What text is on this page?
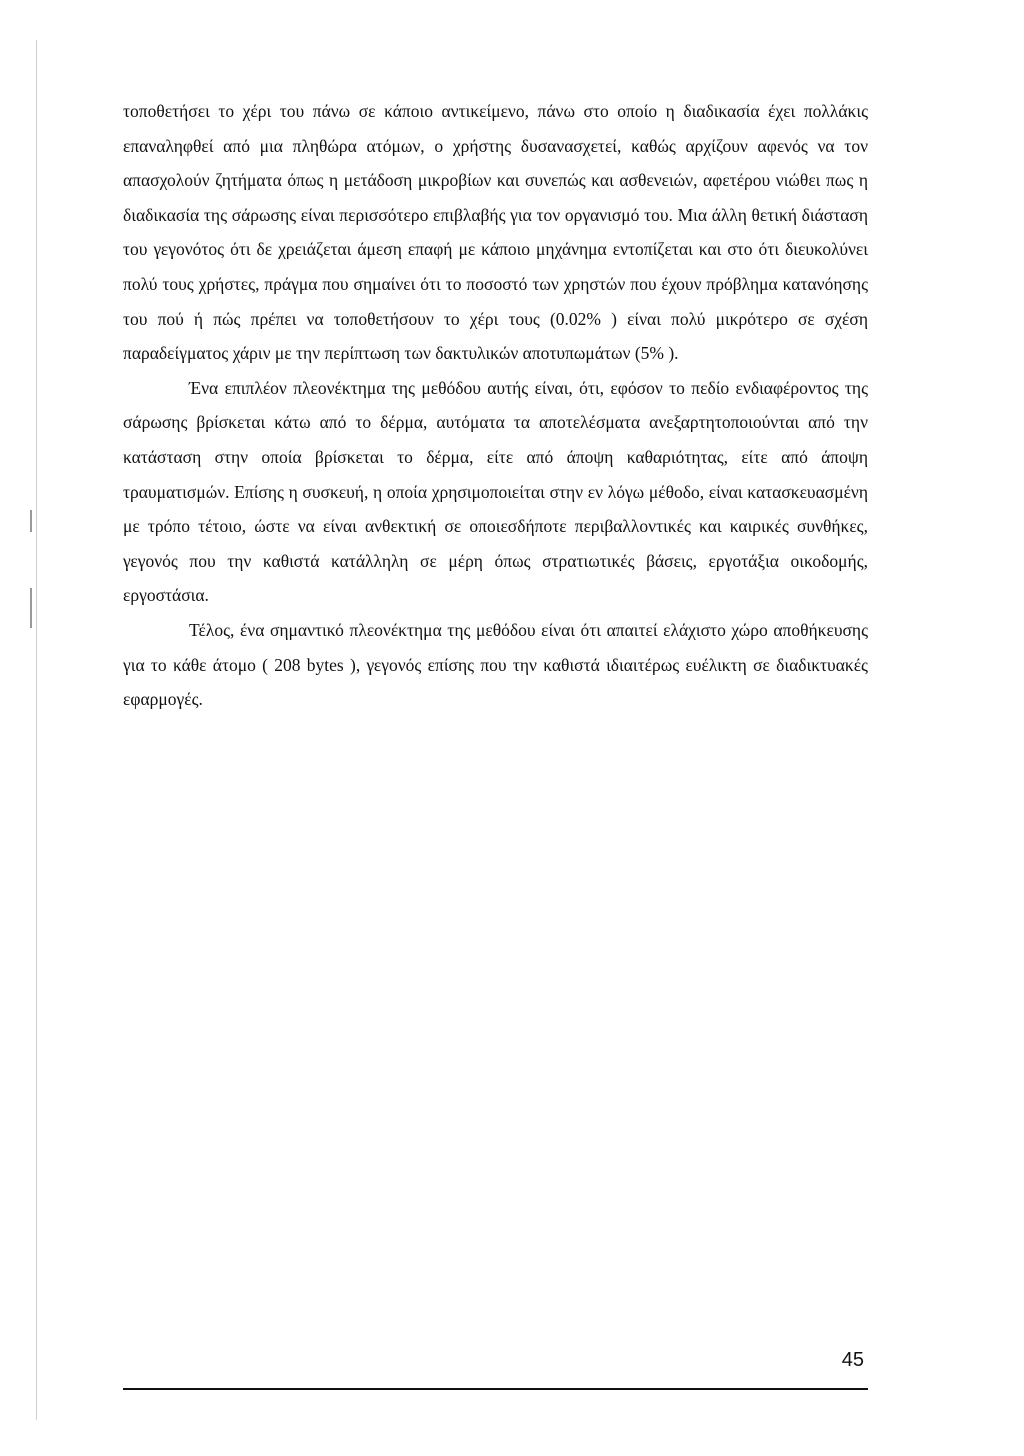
τοποθετήσει το χέρι του πάνω σε κάποιο αντικείμενο, πάνω στο οποίο η διαδικασία έχει πολλάκις επαναληφθεί από μια πληθώρα ατόμων, ο χρήστης δυσανασχετεί, καθώς αρχίζουν αφενός να τον απασχολούν ζητήματα όπως η μετάδοση μικροβίων και συνεπώς και ασθενειών, αφετέρου νιώθει πως η διαδικασία της σάρωσης είναι περισσότερο επιβλαβής για τον οργανισμό του. Μια άλλη θετική διάσταση του γεγονότος ότι δε χρειάζεται άμεση επαφή με κάποιο μηχάνημα εντοπίζεται και στο ότι διευκολύνει πολύ τους χρήστες, πράγμα που σημαίνει ότι το ποσοστό των χρηστών που έχουν πρόβλημα κατανόησης του πού ή πώς πρέπει να τοποθετήσουν το χέρι τους (0.02% ) είναι πολύ μικρότερο σε σχέση παραδείγματος χάριν με την περίπτωση των δακτυλικών αποτυπωμάτων (5% ).

Ένα επιπλέον πλεονέκτημα της μεθόδου αυτής είναι, ότι, εφόσον το πεδίο ενδιαφέροντος της σάρωσης βρίσκεται κάτω από το δέρμα, αυτόματα τα αποτελέσματα ανεξαρτητοποιούνται από την κατάσταση στην οποία βρίσκεται το δέρμα, είτε από άποψη καθαριότητας, είτε από άποψη τραυματισμών. Επίσης η συσκευή, η οποία χρησιμοποιείται στην εν λόγω μέθοδο, είναι κατασκευασμένη με τρόπο τέτοιο, ώστε να είναι ανθεκτική σε οποιεσδήποτε περιβαλλοντικές και καιρικές συνθήκες, γεγονός που την καθιστά κατάλληλη σε μέρη όπως στρατιωτικές βάσεις, εργοτάξια οικοδομής, εργοστάσια.

Τέλος, ένα σημαντικό πλεονέκτημα της μεθόδου είναι ότι απαιτεί ελάχιστο χώρο αποθήκευσης για το κάθε άτομο ( 208 bytes ), γεγονός επίσης που την καθιστά ιδιαιτέρως ευέλικτη σε διαδικτυακές εφαρμογές.

45
